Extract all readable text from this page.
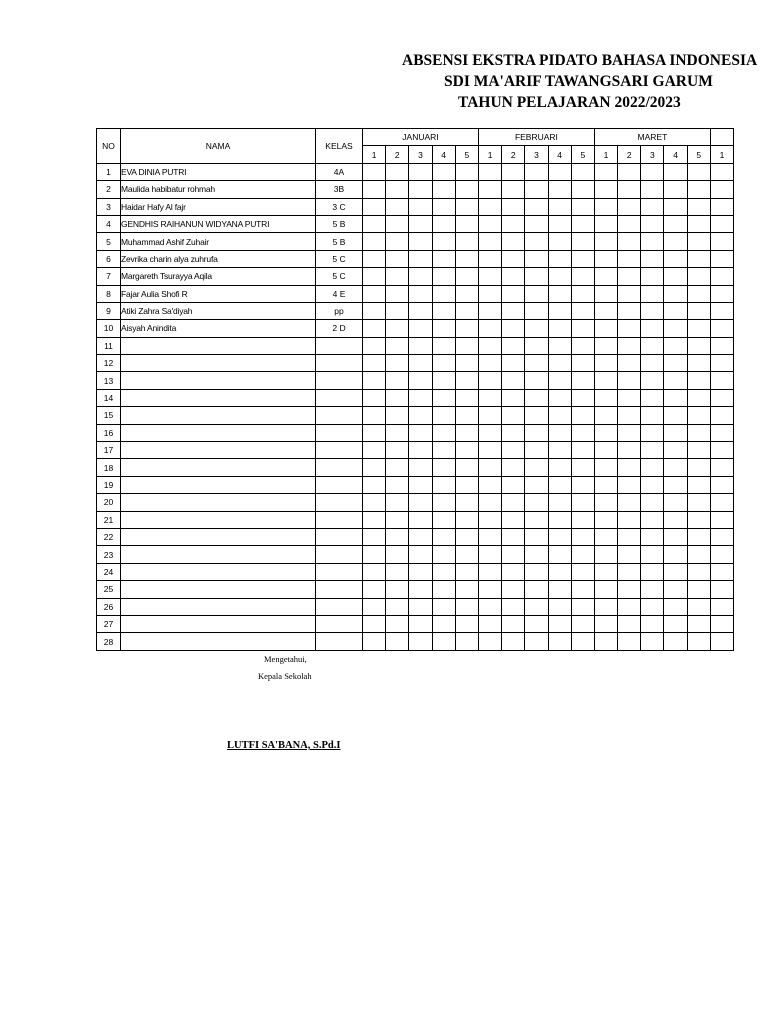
ABSENSI EKSTRA PIDATO BAHASA INDONESIA
SDI MA'ARIF TAWANGSARI GARUM
TAHUN PELAJARAN 2022/2023
NO	NAMA	KELAS	JANUARI					FEBRUARI					MARET					
			1	2	3	4	5	1	2	3	4	5	1	2	3	4	5	1
1	EVA DINIA PUTRI	4A																
2	Maulida habibatur rohmah	3B																
3	Haidar Hafy Al fajr	3 C																
4	GENDHIS RAIHANUN WIDYANA PUTRI	5 B																
5	Muhammad Ashif Zuhair	5 B																
6	Zevrika charin alya zuhrufa	5 C																
7	Margareth Tsurayya Aqila	5 C																
8	Fajar Aulia Shofi R	4 E																
9	Atiki Zahra Sa'diyah	pp																
10	Aisyah Anindita	2 D																
11																		
12																		
13																		
14																		
15																		
16																		
17																		
18																		
19																		
20																		
21																		
22																		
23																		
24																		
25																		
26																		
27																		
28																		
Mengetahui,
Kepala Sekolah
LUTFI SA'BANA, S.Pd.I
